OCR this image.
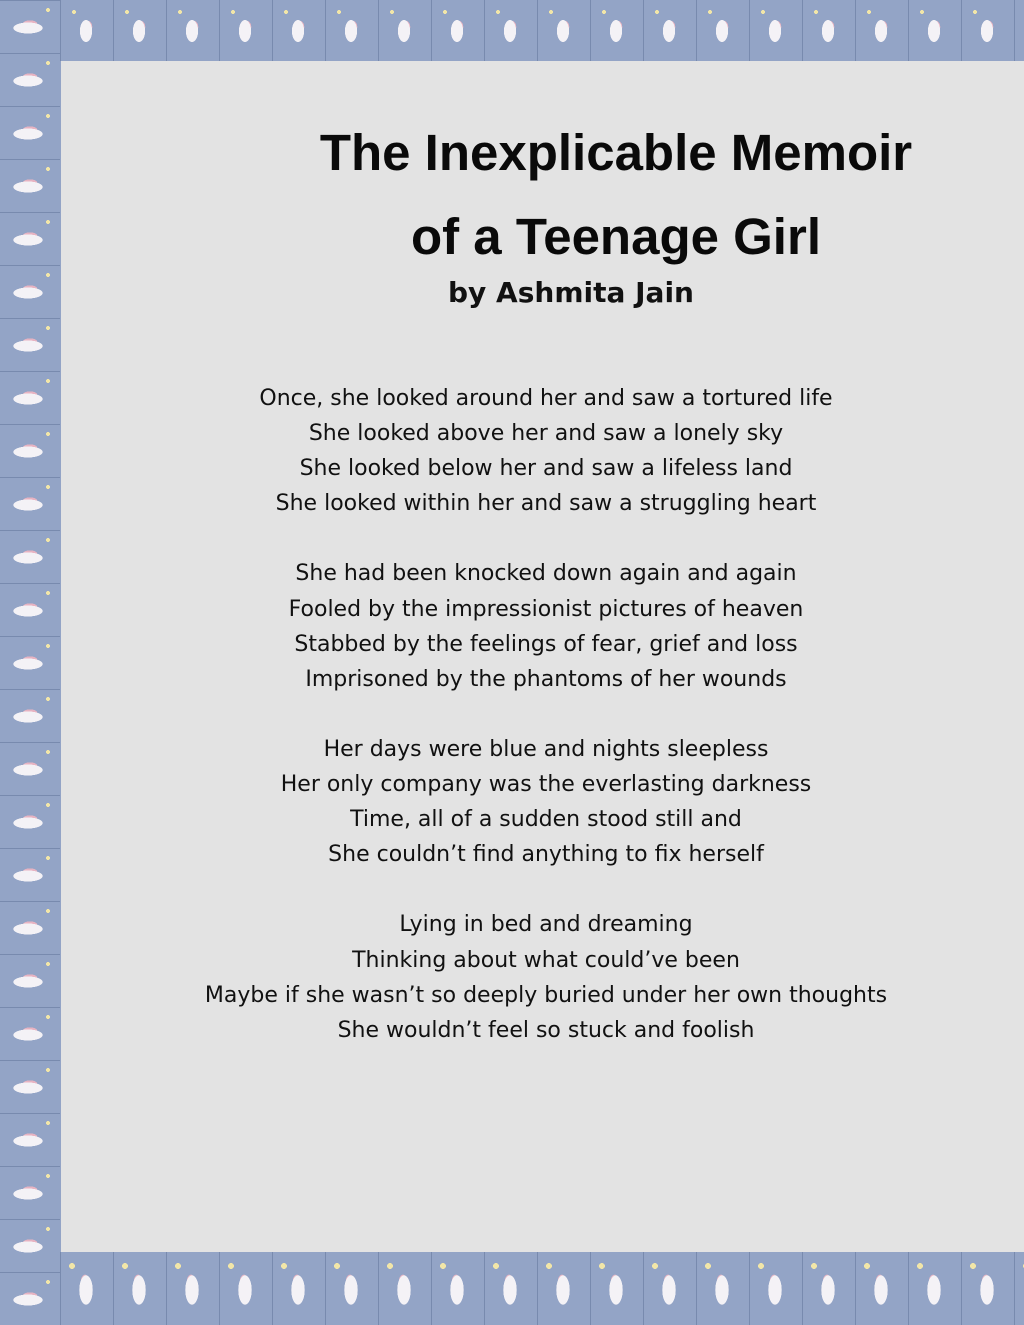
The Inexplicable Memoir
of a Teenage Girl
by Ashmita Jain
Once, she looked around her and saw a tortured life
She looked above her and saw a lonely sky
She looked below her and saw a lifeless land
She looked within her and saw a struggling heart
She had been knocked down again and again
Fooled by the impressionist pictures of heaven
Stabbed by the feelings of fear, grief and loss
Imprisoned by the phantoms of her wounds
Her days were blue and nights sleepless
Her only company was the everlasting darkness
Time, all of a sudden stood still and
She couldn’t find anything to fix herself
Lying in bed and dreaming
Thinking about what could’ve been
Maybe if she wasn’t so deeply buried under her own thoughts
She wouldn’t feel so stuck and foolish
